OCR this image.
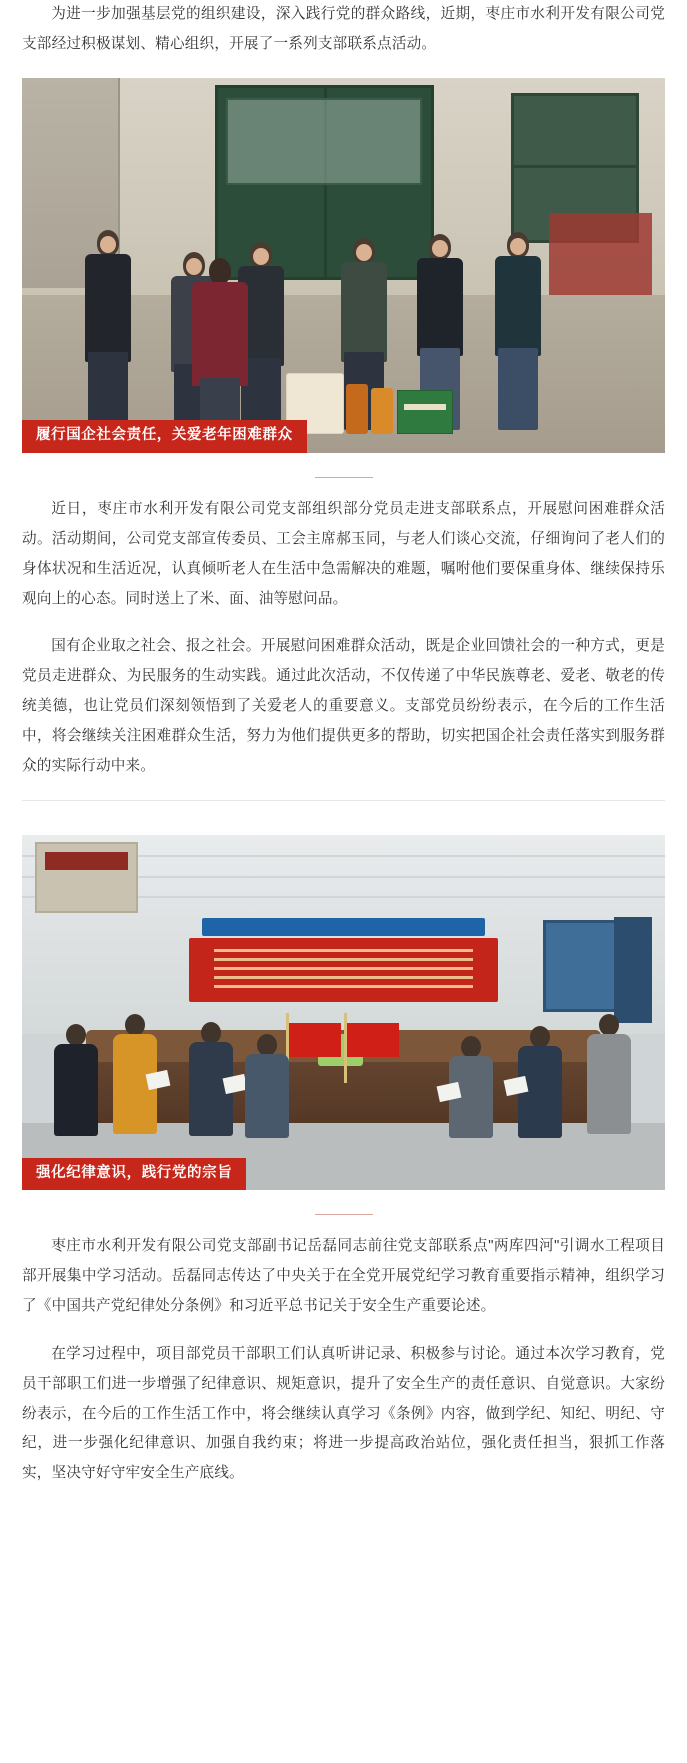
为进一步加强基层党的组织建设，深入践行党的群众路线，近期，枣庄市水利开发有限公司党支部经过积极谋划、精心组织，开展了一系列支部联系点活动。

履行国企社会责任，关爱老年困难群众

近日，枣庄市水利开发有限公司党支部组织部分党员走进支部联系点，开展慰问困难群众活动。活动期间，公司党支部宣传委员、工会主席郝玉同，与老人们谈心交流，仔细询问了老人们的身体状况和生活近况，认真倾听老人在生活中急需解决的难题，嘱咐他们要保重身体、继续保持乐观向上的心态。同时送上了米、面、油等慰问品。

国有企业取之社会、报之社会。开展慰问困难群众活动，既是企业回馈社会的一种方式，更是党员走进群众、为民服务的生动实践。通过此次活动，不仅传递了中华民族尊老、爱老、敬老的传统美德，也让党员们深刻领悟到了关爱老人的重要意义。支部党员纷纷表示，在今后的工作生活中，将会继续关注困难群众生活，努力为他们提供更多的帮助，切实把国企社会责任落实到服务群众的实际行动中来。

强化纪律意识，践行党的宗旨

枣庄市水利开发有限公司党支部副书记岳磊同志前往党支部联系点"两库四河"引调水工程项目部开展集中学习活动。岳磊同志传达了中央关于在全党开展党纪学习教育重要指示精神，组织学习了《中国共产党纪律处分条例》和习近平总书记关于安全生产重要论述。

在学习过程中，项目部党员干部职工们认真听讲记录、积极参与讨论。通过本次学习教育，党员干部职工们进一步增强了纪律意识、规矩意识，提升了安全生产的责任意识、自觉意识。大家纷纷表示，在今后的工作生活工作中，将会继续认真学习《条例》内容，做到学纪、知纪、明纪、守纪，进一步强化纪律意识、加强自我约束；将进一步提高政治站位，强化责任担当，狠抓工作落实，坚决守好守牢安全生产底线。
